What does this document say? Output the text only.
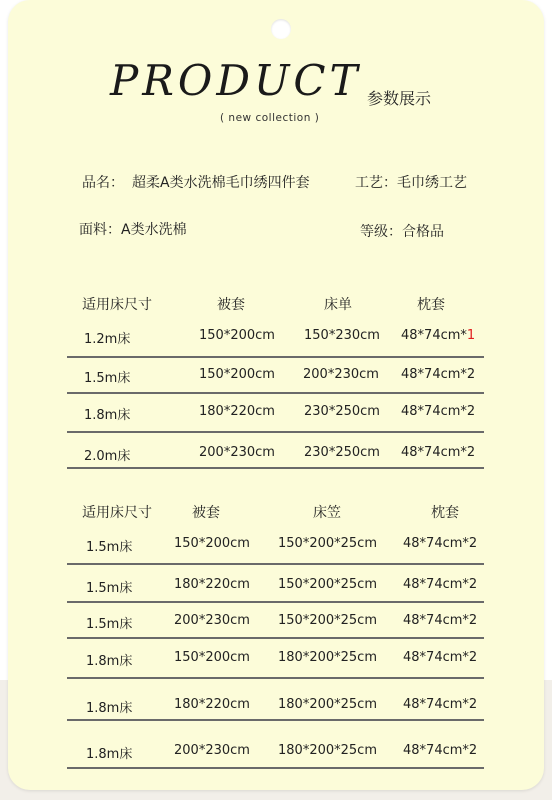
PRODUCT
( new collection )
参数展示
品名： 超柔A类水洗棉毛巾绣四件套	工艺：毛巾绣工艺
面料：A类水洗棉	等级：合格品
适用床尺寸	被套	床单	枕套
1.2m床	150*200cm 150*230cm 48*74cm*1
1.5m床	150*200cm 200*230cm 48*74cm*2
1.8m床	180*220cm 230*250cm 48*74cm*2
2.0m床	200*230cm 230*250cm 48*74cm*2
适用床尺寸	被套	床笠	枕套
1.5m床	150*200cm 150*200*25cm 48*74cm*2
1.5m床	180*220cm 150*200*25cm 48*74cm*2
1.5m床	200*230cm 150*200*25cm 48*74cm*2
1.8m床	150*200cm 180*200*25cm 48*74cm*2
1.8m床	180*220cm 180*200*25cm 48*74cm*2
1.8m床	200*230cm 180*200*25cm 48*74cm*2
